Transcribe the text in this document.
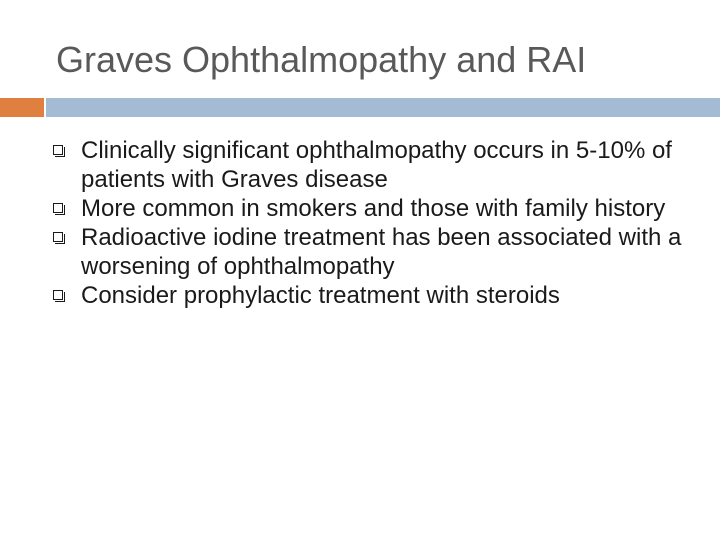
Graves Ophthalmopathy and RAI
Clinically significant ophthalmopathy occurs in 5-10% of patients with Graves disease
More common in smokers and those with family history
Radioactive iodine treatment has been associated with a worsening of ophthalmopathy
Consider prophylactic treatment with steroids
